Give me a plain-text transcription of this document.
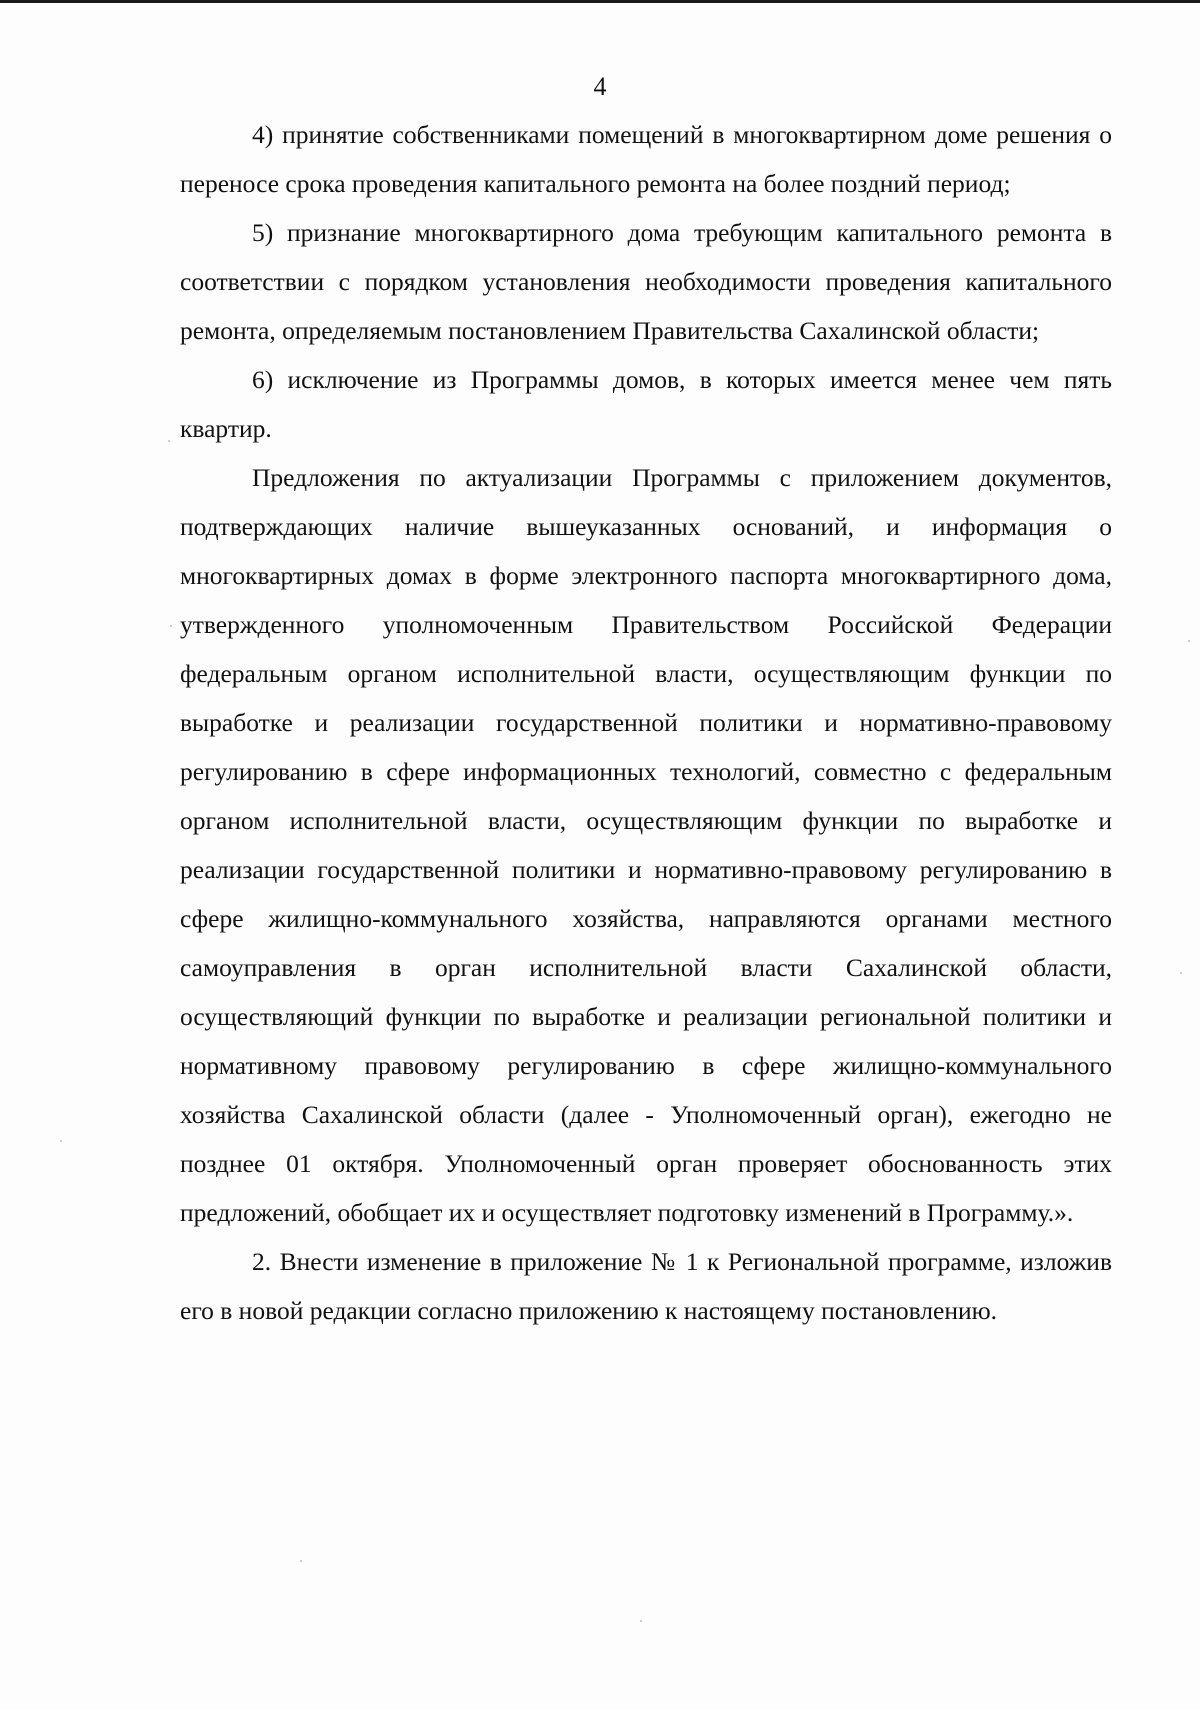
4

4) принятие собственниками помещений в многоквартирном доме решения о переносе срока проведения капитального ремонта на более поздний период;

5) признание многоквартирного дома требующим капитального ремонта в соответствии с порядком установления необходимости проведения капитального ремонта, определяемым постановлением Правительства Сахалинской области;

6) исключение из Программы домов, в которых имеется менее чем пять квартир.

Предложения по актуализации Программы с приложением документов, подтверждающих наличие вышеуказанных оснований, и информация о многоквартирных домах в форме электронного паспорта многоквартирного дома, утвержденного уполномоченным Правительством Российской Федерации федеральным органом исполнительной власти, осуществляющим функции по выработке и реализации государственной политики и нормативно-правовому регулированию в сфере информационных технологий, совместно с федеральным органом исполнительной власти, осуществляющим функции по выработке и реализации государственной политики и нормативно-правовому регулированию в сфере жилищно-коммунального хозяйства, направляются органами местного самоуправления в орган исполнительной власти Сахалинской области, осуществляющий функции по выработке и реализации региональной политики и нормативному правовому регулированию в сфере жилищно-коммунального хозяйства Сахалинской области (далее - Уполномоченный орган), ежегодно не позднее 01 октября. Уполномоченный орган проверяет обоснованность этих предложений, обобщает их и осуществляет подготовку изменений в Программу.».

2. Внести изменение в приложение № 1 к Региональной программе, изложив его в новой редакции согласно приложению к настоящему постановлению.
